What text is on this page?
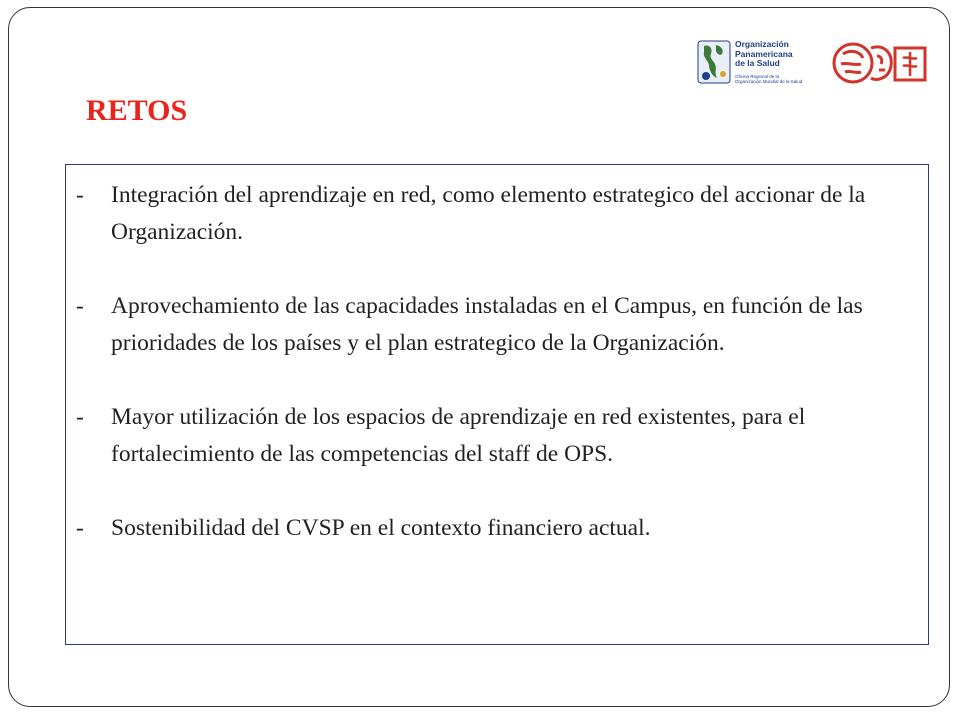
Organización
Panamericana
de la Salud
Oficina Regional de la
Organización Mundial de la Salud
RETOS
-	Integración del aprendizaje en red, como elemento estrategico del accionar de la Organización.
-	Aprovechamiento de las capacidades instaladas en el Campus, en función de las prioridades de los países y el plan estrategico de la Organización.
-	Mayor utilización de los espacios de aprendizaje en red existentes, para el fortalecimiento de las competencias del staff de OPS.
-	Sostenibilidad del CVSP en el contexto financiero actual.
